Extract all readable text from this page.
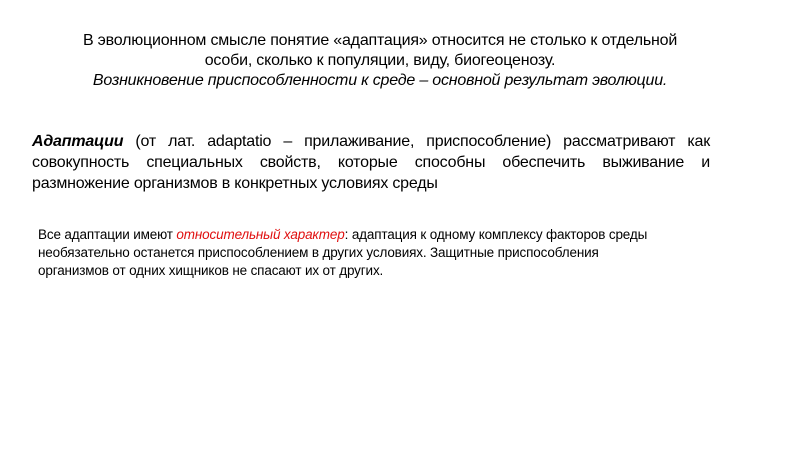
В эволюционном смысле понятие «адаптация» относится не столько к отдельной
особи, сколько к популяции, виду, биогеоценозу.
Возникновение приспособленности к среде – основной результат эволюции.
Адаптации (от лат. adaptatio – прилаживание, приспособление) рассматривают как совокупность специальных свойств, которые способны обеспечить выживание и размножение организмов в конкретных условиях среды
Все адаптации имеют относительный характер: адаптация к одному комплексу факторов среды
необязательно останется приспособлением в других условиях. Защитные приспособления
организмов от одних хищников не спасают их от других.
